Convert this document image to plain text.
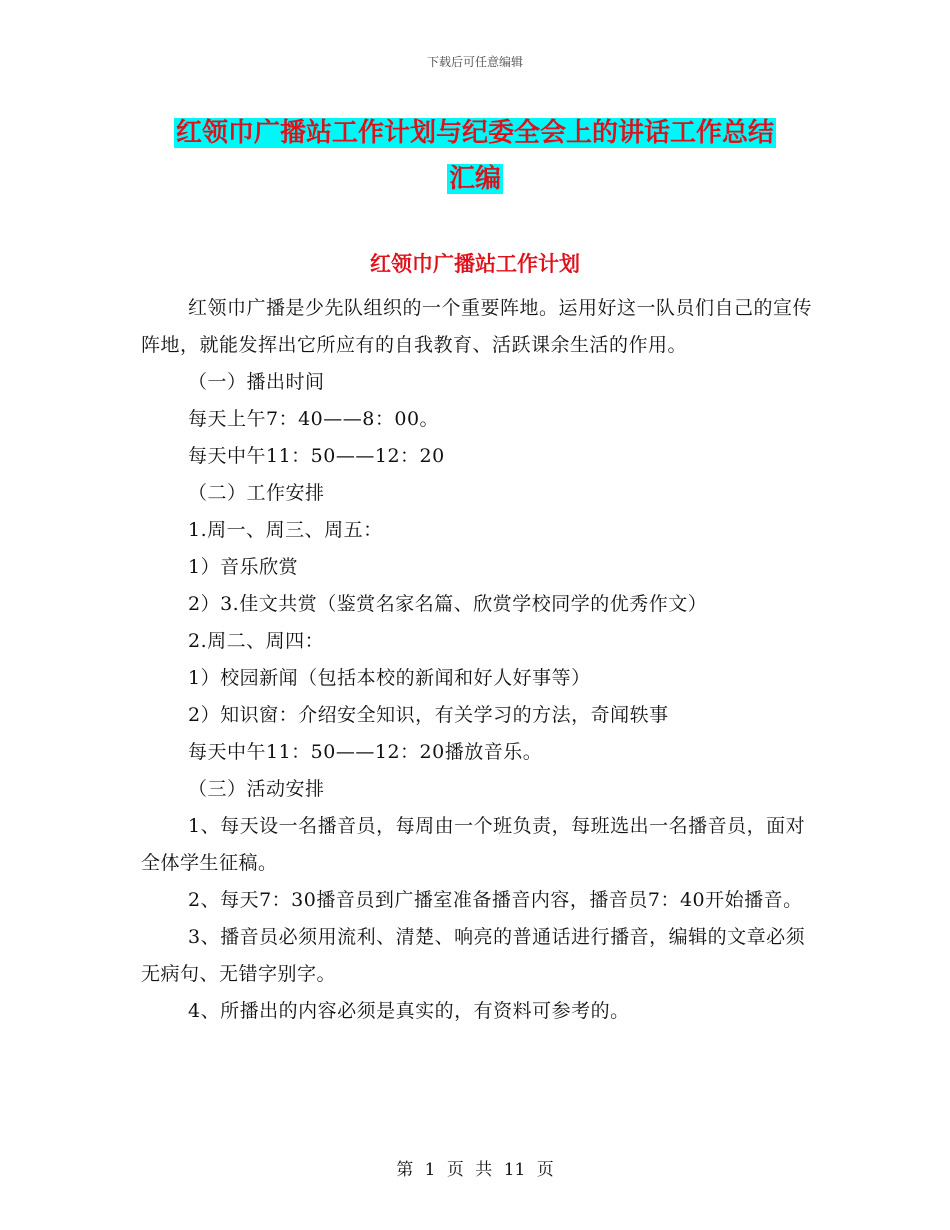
下载后可任意编辑
红领巾广播站工作计划与纪委全会上的讲话工作总结
汇编
红领巾广播站工作计划

红领巾广播是少先队组织的一个重要阵地。运用好这一队员们自己的宣传阵地，就能发挥出它所应有的自我教育、活跃课余生活的作用。

（一）播出时间

每天上午7：40——8：00。

每天中午11：50——12：20

（二）工作安排

1.周一、周三、周五：

1）音乐欣赏

2）3.佳文共赏（鉴赏名家名篇、欣赏学校同学的优秀作文）

2.周二、周四：

1）校园新闻（包括本校的新闻和好人好事等）

2）知识窗：介绍安全知识，有关学习的方法，奇闻轶事

每天中午11：50——12：20播放音乐。

（三）活动安排

1、每天设一名播音员，每周由一个班负责，每班选出一名播音员，面对全体学生征稿。

2、每天7：30播音员到广播室准备播音内容，播音员7：40开始播音。

3、播音员必须用流利、清楚、响亮的普通话进行播音，编辑的文章必须无病句、无错字别字。

4、所播出的内容必须是真实的，有资料可参考的。

第 1 页 共 11 页
